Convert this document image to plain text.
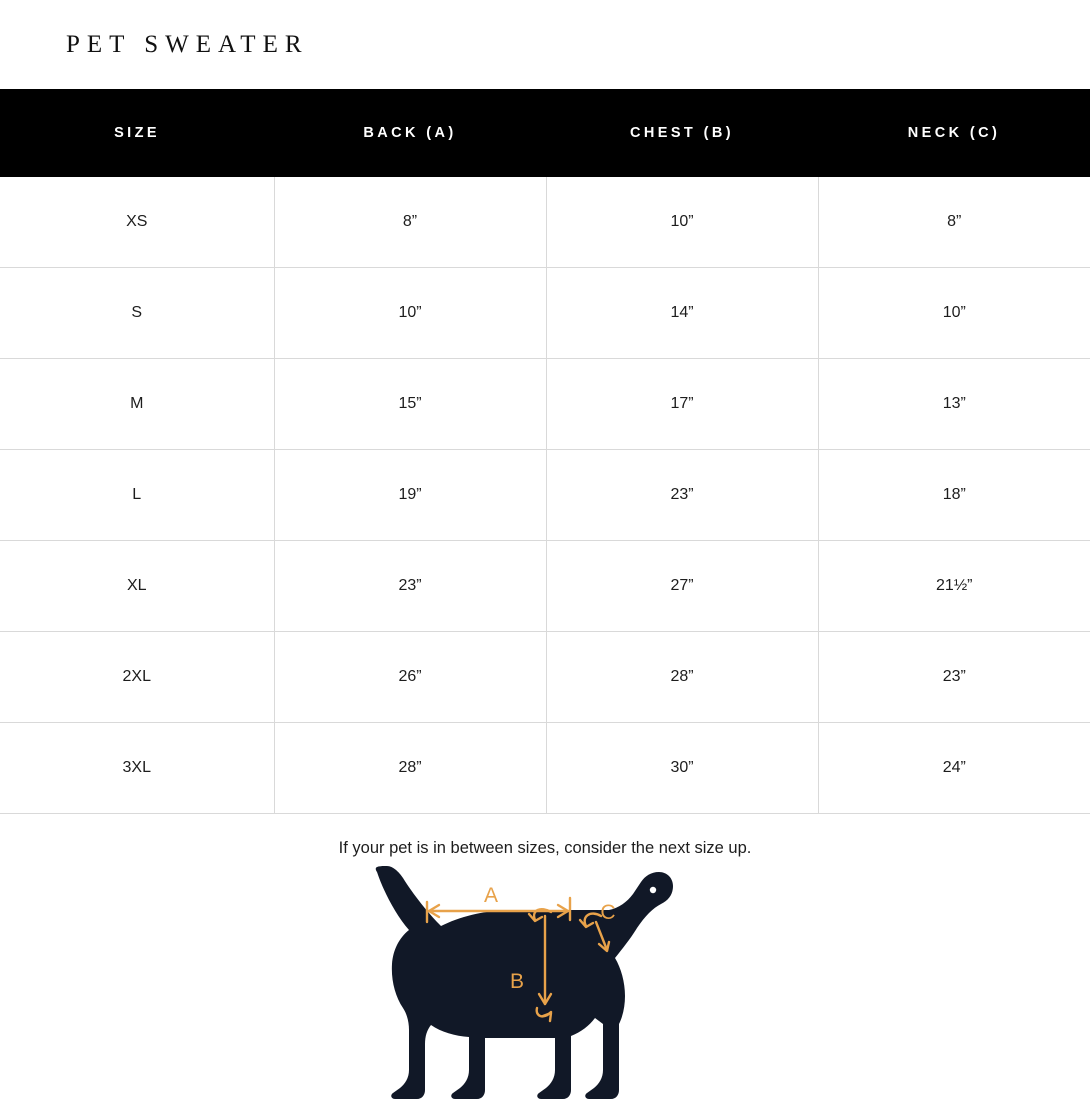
PET SWEATER
SIZE	BACK (A)	CHEST (B)	NECK (C)
XS	8”	10”	8”
S	10”	14”	10”
M	15”	17”	13”
L	19”	23”	18”
XL	23”	27”	21½”
2XL	26”	28”	23”
3XL	28”	30”	24”
If your pet is in between sizes, consider the next size up.
A
B
C
